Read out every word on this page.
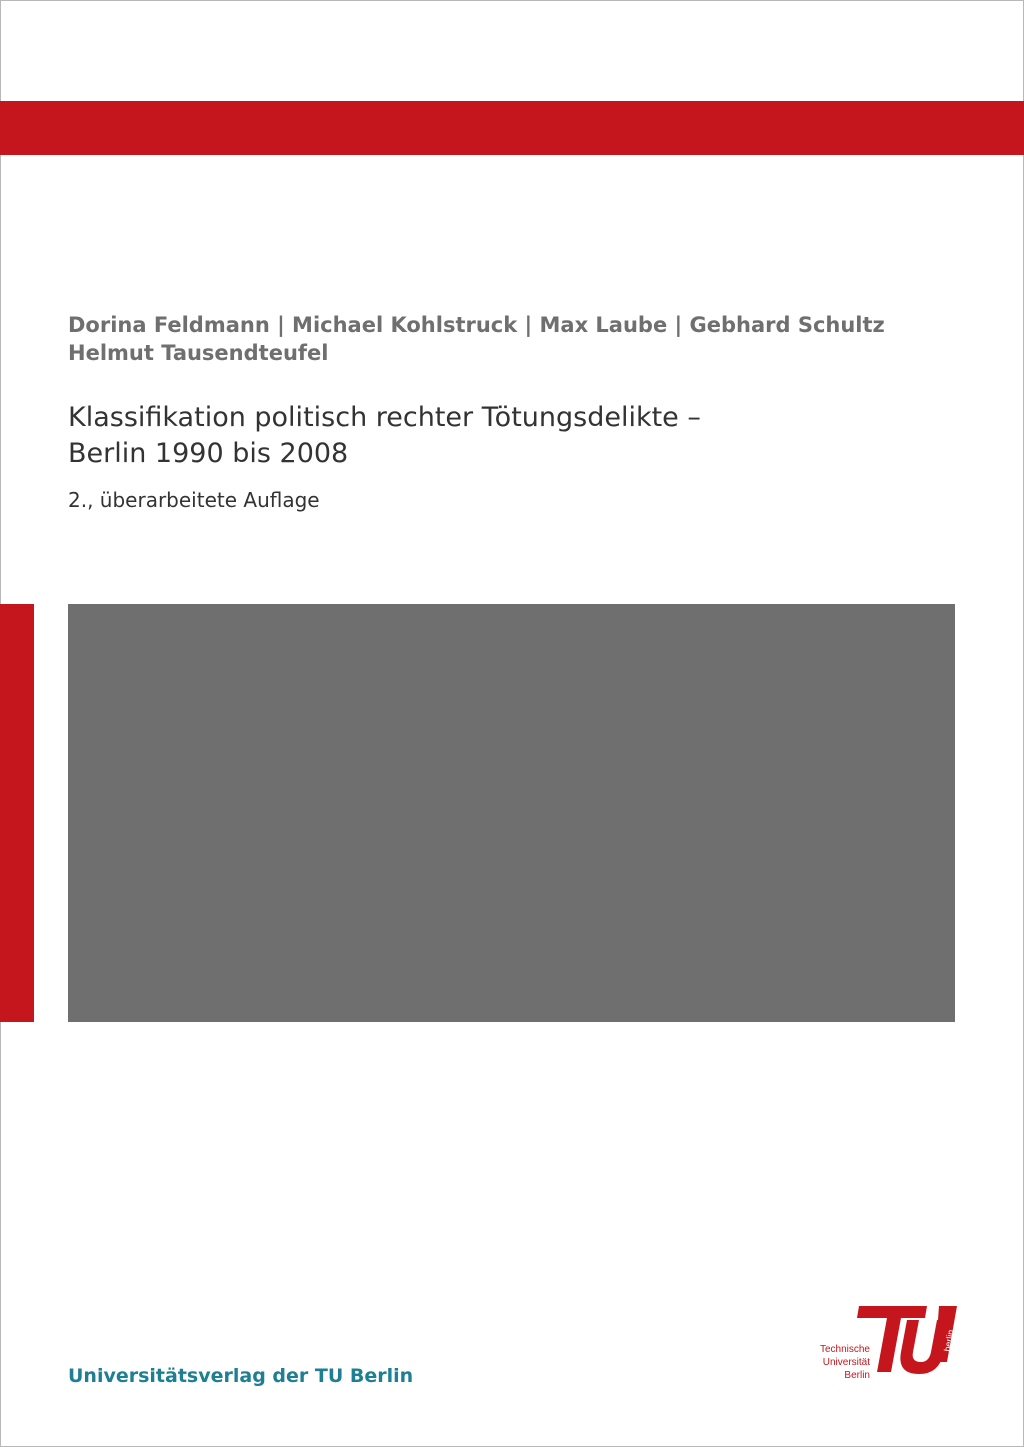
Dorina Feldmann | Michael Kohlstruck | Max Laube | Gebhard Schultz
Helmut Tausendteufel
Klassifikation politisch rechter Tötungsdelikte –
Berlin 1990 bis 2008
2., überarbeitete Auflage
Universitätsverlag der TU Berlin
Technische
Universität
Berlin
berlin
